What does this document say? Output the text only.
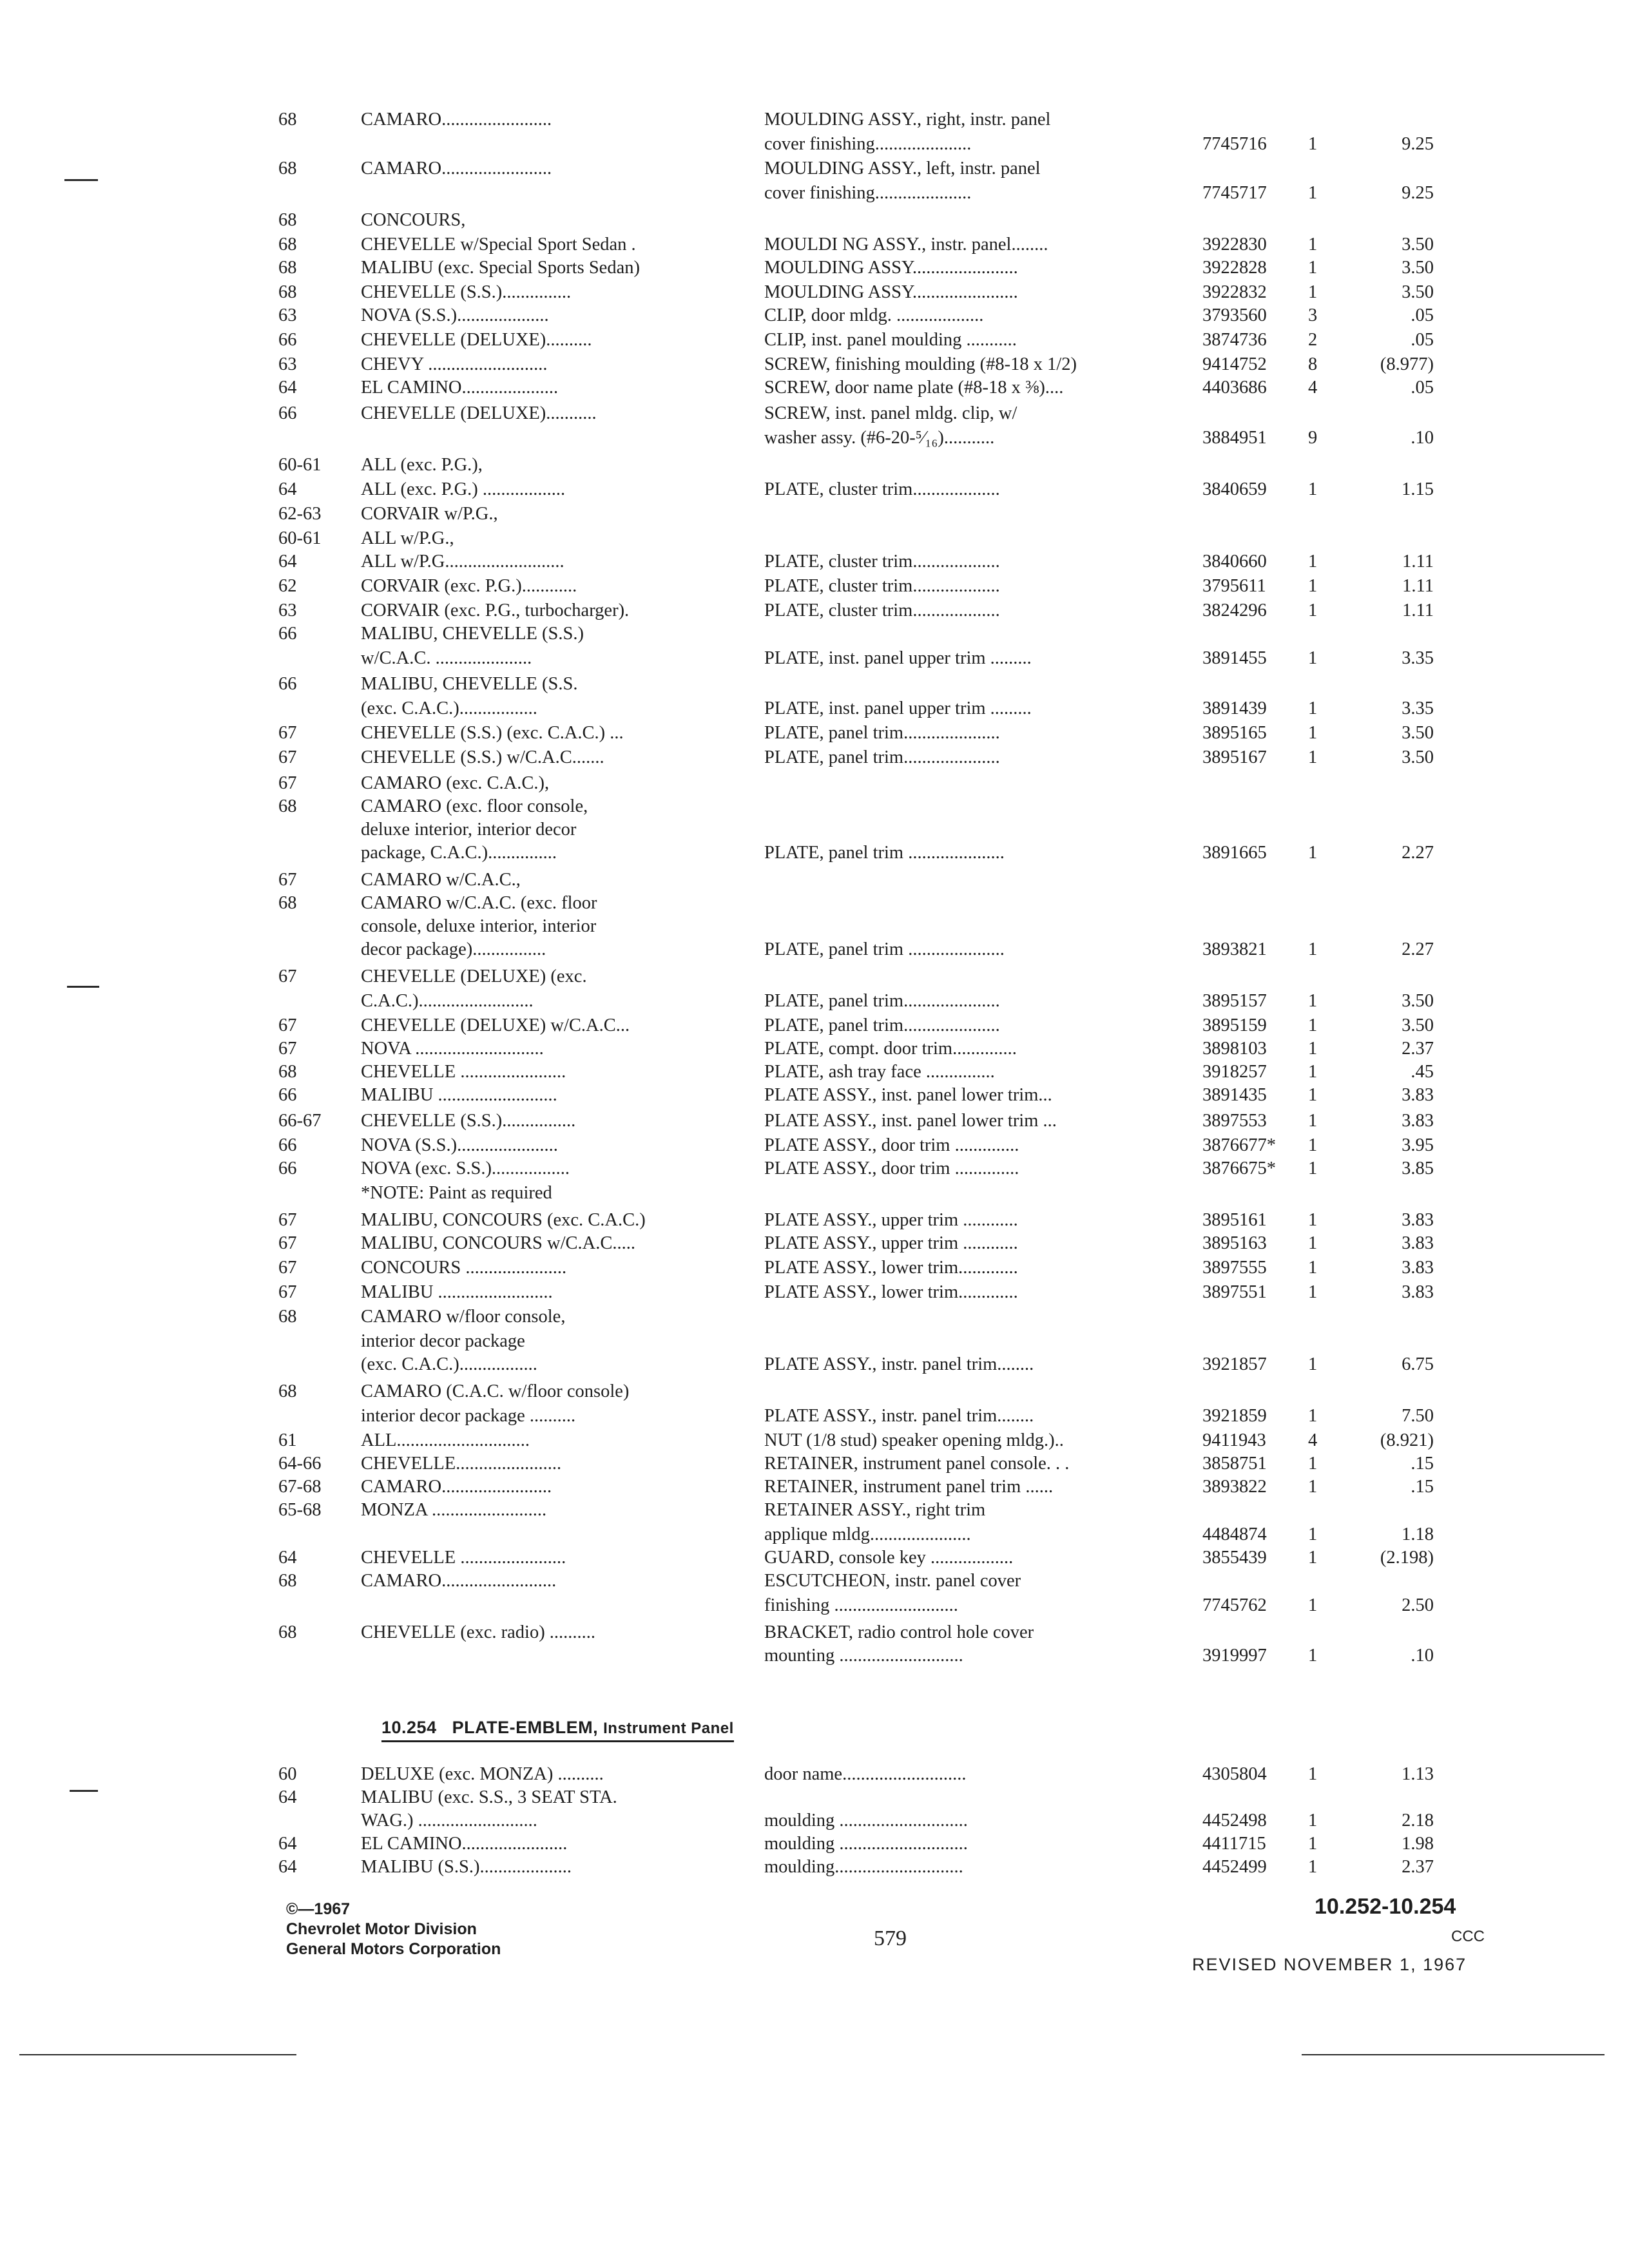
68	CAMARO........................	MOULDING ASSY., right, instr. panel
cover finishing.....................	7745716 1	9.25
68	CAMARO........................	MOULDING ASSY., left, instr. panel
cover finishing.....................	7745717 1	9.25
68	CONCOURS,
68	CHEVELLE w/Special Sport Sedan .	MOULDI NG ASSY., instr. panel........	3922830 1	3.50
68	MALIBU (exc. Special Sports Sedan)	MOULDING ASSY.......................	3922828 1	3.50
68	CHEVELLE (S.S.)...............	MOULDING ASSY.......................	3922832 1	3.50
63	NOVA (S.S.)....................	CLIP, door mldg. ...................	3793560 3	.05
66	CHEVELLE (DELUXE)..........	CLIP, inst. panel moulding ...........	3874736 2	.05
63	CHEVY ..........................	SCREW, finishing moulding (#8-18 x 1/2)	9414752 8	(8.977)
64	EL CAMINO.....................	SCREW, door name plate (#8-18 x ⅜)....	4403686 4	.05
66	CHEVELLE (DELUXE)...........	SCREW, inst. panel mldg. clip, w/
washer assy. (#6-20-⁵⁄₁₆)...........	3884951 9	.10
60-61 ALL (exc. P.G.),
64	ALL (exc. P.G.) ..................	PLATE, cluster trim...................	3840659 1	1.15
62-63 CORVAIR w/P.G.,
60-61 ALL w/P.G.,
64	ALL w/P.G..........................	PLATE, cluster trim...................	3840660 1	1.11
62	CORVAIR (exc. P.G.)............	PLATE, cluster trim...................	3795611 1	1.11
63	CORVAIR (exc. P.G., turbocharger).	PLATE, cluster trim...................	3824296 1	1.11
66	MALIBU, CHEVELLE (S.S.)
w/C.A.C. .....................	PLATE, inst. panel upper trim .........	3891455 1	3.35
66	MALIBU, CHEVELLE (S.S.
(exc. C.A.C.).................	PLATE, inst. panel upper trim .........	3891439 1	3.35
67	CHEVELLE (S.S.) (exc. C.A.C.) ...	PLATE, panel trim.....................	3895165 1	3.50
67	CHEVELLE (S.S.) w/C.A.C.......	PLATE, panel trim.....................	3895167 1	3.50
67	CAMARO (exc. C.A.C.),
68	CAMARO (exc. floor console,
deluxe interior, interior decor
package, C.A.C.)...............	PLATE, panel trim .....................	3891665 1	2.27
67	CAMARO w/C.A.C.,
68	CAMARO w/C.A.C. (exc. floor
console, deluxe interior, interior
decor package)................	PLATE, panel trim .....................	3893821 1	2.27
67	CHEVELLE (DELUXE) (exc.
C.A.C.).........................	PLATE, panel trim.....................	3895157 1	3.50
67	CHEVELLE (DELUXE) w/C.A.C...	PLATE, panel trim.....................	3895159 1	3.50
67	NOVA ............................	PLATE, compt. door trim..............	3898103 1	2.37
68	CHEVELLE .......................	PLATE, ash tray face ...............	3918257 1	.45
66	MALIBU ..........................	PLATE ASSY., inst. panel lower trim...	3891435 1	3.83
66-67 CHEVELLE (S.S.)................	PLATE ASSY., inst. panel lower trim ...	3897553 1	3.83
66	NOVA (S.S.)......................	PLATE ASSY., door trim ..............	3876677* 1	3.95
66	NOVA (exc. S.S.).................	PLATE ASSY., door trim ..............	3876675* 1	3.85
*NOTE: Paint as required
67	MALIBU, CONCOURS (exc. C.A.C.)	PLATE ASSY., upper trim ............	3895161 1	3.83
67	MALIBU, CONCOURS w/C.A.C.....	PLATE ASSY., upper trim ............	3895163 1	3.83
67	CONCOURS ......................	PLATE ASSY., lower trim.............	3897555 1	3.83
67	MALIBU .........................	PLATE ASSY., lower trim.............	3897551 1	3.83
68	CAMARO w/floor console,
interior decor package
(exc. C.A.C.).................	PLATE ASSY., instr. panel trim........	3921857 1	6.75
68	CAMARO (C.A.C. w/floor console)
interior decor package ..........	PLATE ASSY., instr. panel trim........	3921859 1	7.50
61	ALL.............................	NUT (1/8 stud) speaker opening mldg.)..	9411943 4	(8.921)
64-66 CHEVELLE.......................	RETAINER, instrument panel console. . .	3858751 1	.15
67-68 CAMARO........................	RETAINER, instrument panel trim ......	3893822 1	.15
65-68 MONZA .........................	RETAINER ASSY., right trim
applique mldg......................	4484874 1	1.18
64	CHEVELLE .......................	GUARD, console key ..................	3855439 1	(2.198)
68	CAMARO.........................	ESCUTCHEON, instr. panel cover
finishing ...........................	7745762 1	2.50
68	CHEVELLE (exc. radio) ..........	BRACKET, radio control hole cover
mounting ...........................	3919997 1	.10
10.254 PLATE-EMBLEM, Instrument Panel
60	DELUXE (exc. MONZA) ..........	door name...........................	4305804 1	1.13
64	MALIBU (exc. S.S., 3 SEAT STA.
WAG.) ..........................	moulding ............................	4452498 1	2.18
64	EL CAMINO.......................	moulding ............................	4411715 1	1.98
64	MALIBU (S.S.)....................	moulding............................	4452499 1	2.37
©—1967
Chevrolet Motor Division
General Motors Corporation	579
10.252-10.254
CCC
REVISED NOVEMBER 1, 1967
